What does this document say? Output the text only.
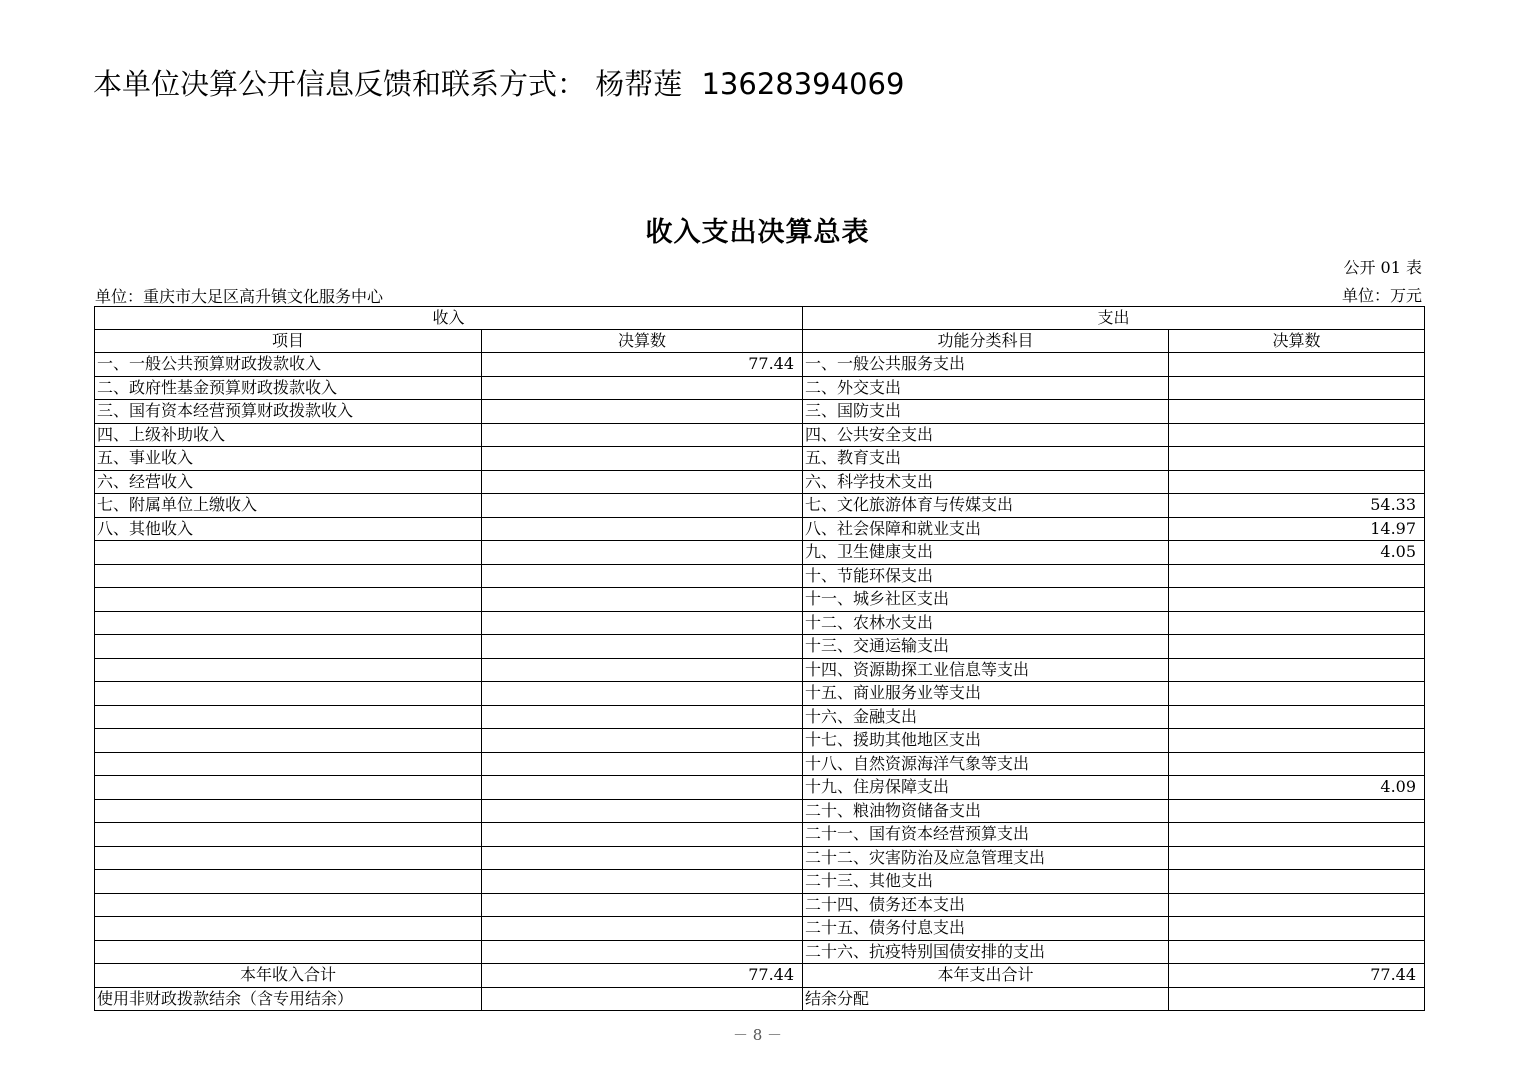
本单位决算公开信息反馈和联系方式： 杨帮莲 13628394069
收入支出决算总表
公开 01 表
单位：重庆市大足区高升镇文化服务中心	单位：万元
收入		支出	
项目	决算数	功能分类科目	决算数
一、一般公共预算财政拨款收入	77.44	一、一般公共服务支出	
二、政府性基金预算财政拨款收入		二、外交支出	
三、国有资本经营预算财政拨款收入		三、国防支出	
四、上级补助收入		四、公共安全支出	
五、事业收入		五、教育支出	
六、经营收入		六、科学技术支出	
七、附属单位上缴收入		七、文化旅游体育与传媒支出	54.33
八、其他收入		八、社会保障和就业支出	14.97
		九、卫生健康支出	4.05
		十、节能环保支出	
		十一、城乡社区支出	
		十二、农林水支出	
		十三、交通运输支出	
		十四、资源勘探工业信息等支出	
		十五、商业服务业等支出	
		十六、金融支出	
		十七、援助其他地区支出	
		十八、自然资源海洋气象等支出	
		十九、住房保障支出	4.09
		二十、粮油物资储备支出	
		二十一、国有资本经营预算支出	
		二十二、灾害防治及应急管理支出	
		二十三、其他支出	
		二十四、债务还本支出	
		二十五、债务付息支出	
		二十六、抗疫特别国债安排的支出	
本年收入合计	77.44	本年支出合计	77.44
使用非财政拨款结余（含专用结余）		结余分配	
－ 8 －
